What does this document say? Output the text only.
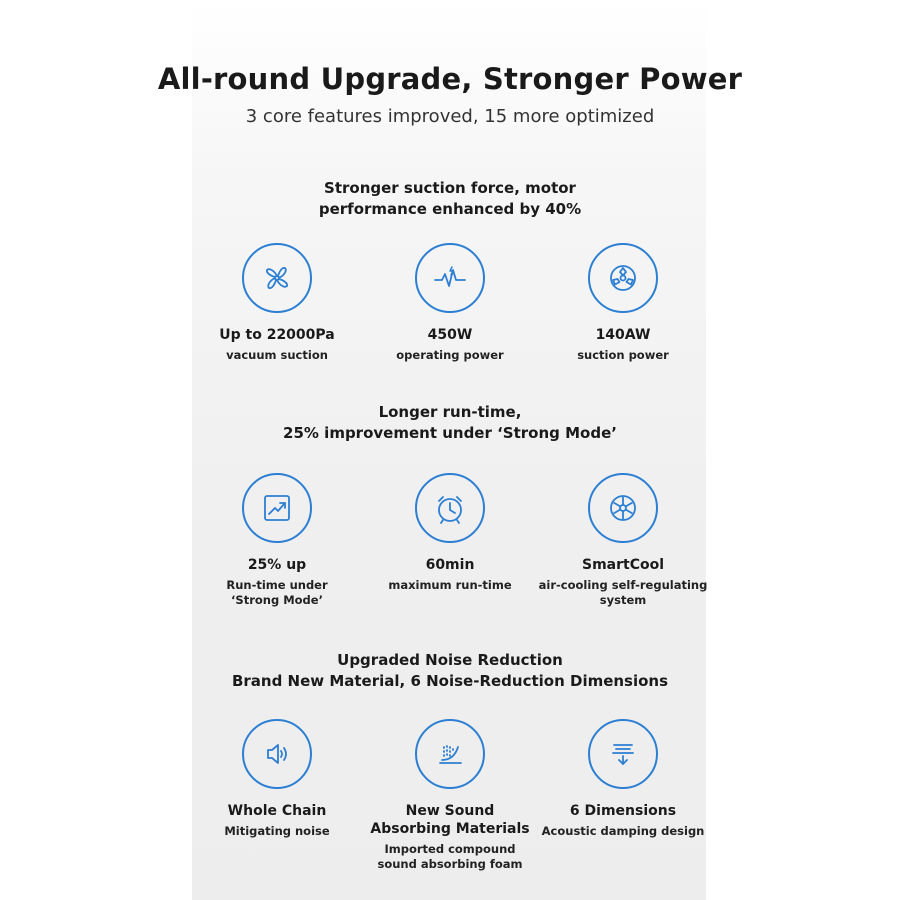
All-round Upgrade, Stronger Power
3 core features improved, 15 more optimized
Stronger suction force, motor
performance enhanced by 40%
Up to 22000Pa
vacuum suction
450W
operating power
140AW
suction power
Longer run-time,
25% improvement under ‘Strong Mode’
25% up
Run-time under
‘Strong Mode’
60min
maximum run-time
SmartCool
air-cooling self-regulating
system
Upgraded Noise Reduction
Brand New Material, 6 Noise-Reduction Dimensions
Whole Chain
Mitigating noise
New Sound
Absorbing Materials
Imported compound
sound absorbing foam
6 Dimensions
Acoustic damping design
